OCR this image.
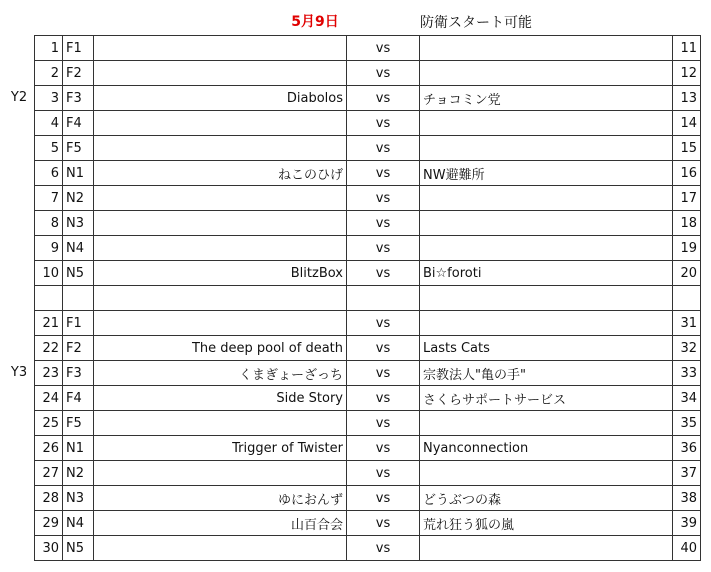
5月9日	防衛スタート可能
Y2
Y3
1	F1		vs		11
2	F2		vs		12
3	F3	Diabolos	vs	チョコミン党	13
4	F4		vs		14
5	F5		vs		15
6	N1	ねこのひげ	vs	NW避難所	16
7	N2		vs		17
8	N3		vs		18
9	N4		vs		19
10	N5	BlitzBox	vs	Bi☆foroti	20

21	F1		vs		31
22	F2	The deep pool of death	vs	Lasts Cats	32
23	F3	くまぎょーざっち	vs	宗教法人"亀の手"	33
24	F4	Side Story	vs	さくらサポートサービス	34
25	F5		vs		35
26	N1	Trigger of Twister	vs	Nyanconnection	36
27	N2		vs		37
28	N3	ゆにおんず	vs	どうぶつの森	38
29	N4	山百合会	vs	荒れ狂う狐の嵐	39
30	N5		vs		40
